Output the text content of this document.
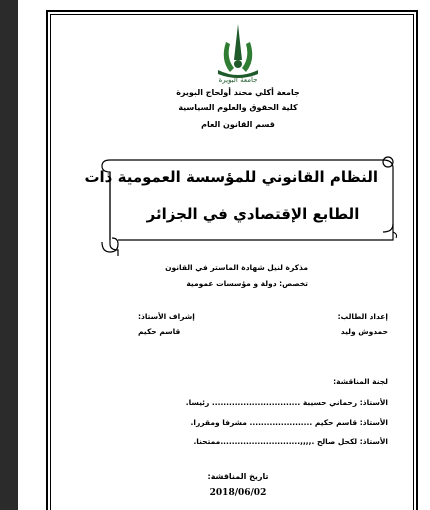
جامعة البويرة
جامعة أكلي محند أولحاج البويرة
كلية الحقوق والعلوم السياسية
قسم القانون العام
النظام القانوني للمؤسسة العمومية ذات
الطابع الإقتصادي في الجزائر
مذكرة لنيل شهادة الماستر في القانون
تخصص: دولة و مؤسسات عمومية
إعداد الطالب:
حمدوش وليد
إشراف الأستاذ:
قاسم حكيم
لجنة المناقشة:
الأستاذ: رحماني حسيبة ............................... رئيسا.
الأستاذ: قاسم حكيم ...................... مشرفا ومقررا.
الأستاذ: لكحل صالح .,,,,............................ممتحنا.
تاريخ المناقشة:
2018/06/02
